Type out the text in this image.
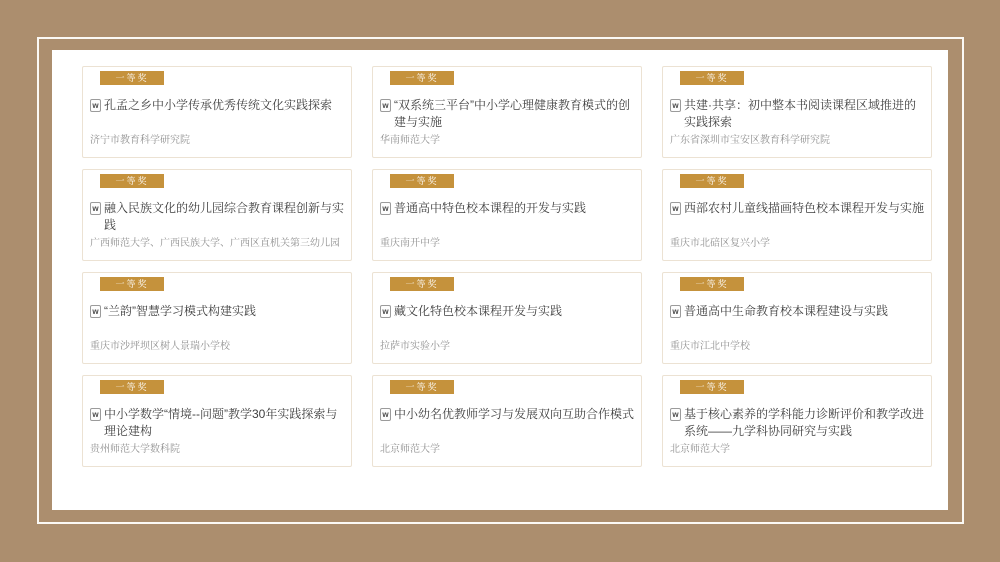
一等奖
w 孔孟之乡中小学传承优秀传统文化实践探索
济宁市教育科学研究院
一等奖
w “双系统三平台”中小学心理健康教育模式的创建与实施
华南师范大学
一等奖
w 共建·共享：初中整本书阅读课程区域推进的实践探索
广东省深圳市宝安区教育科学研究院
一等奖
w 融入民族文化的幼儿园综合教育课程创新与实践
广西师范大学、广西民族大学、广西区直机关第三幼儿园
一等奖
w 普通高中特色校本课程的开发与实践
重庆南开中学
一等奖
w 西部农村儿童线描画特色校本课程开发与实施
重庆市北碚区复兴小学
一等奖
w “兰韵”智慧学习模式构建实践
重庆市沙坪坝区树人景瑞小学校
一等奖
w 藏文化特色校本课程开发与实践
拉萨市实验小学
一等奖
w 普通高中生命教育校本课程建设与实践
重庆市江北中学校
一等奖
w 中小学数学“情境--问题”教学30年实践探索与理论建构
贵州师范大学数科院
一等奖
w 中小幼名优教师学习与发展双向互助合作模式
北京师范大学
一等奖
w 基于核心素养的学科能力诊断评价和教学改进系统——九学科协同研究与实践
北京师范大学
